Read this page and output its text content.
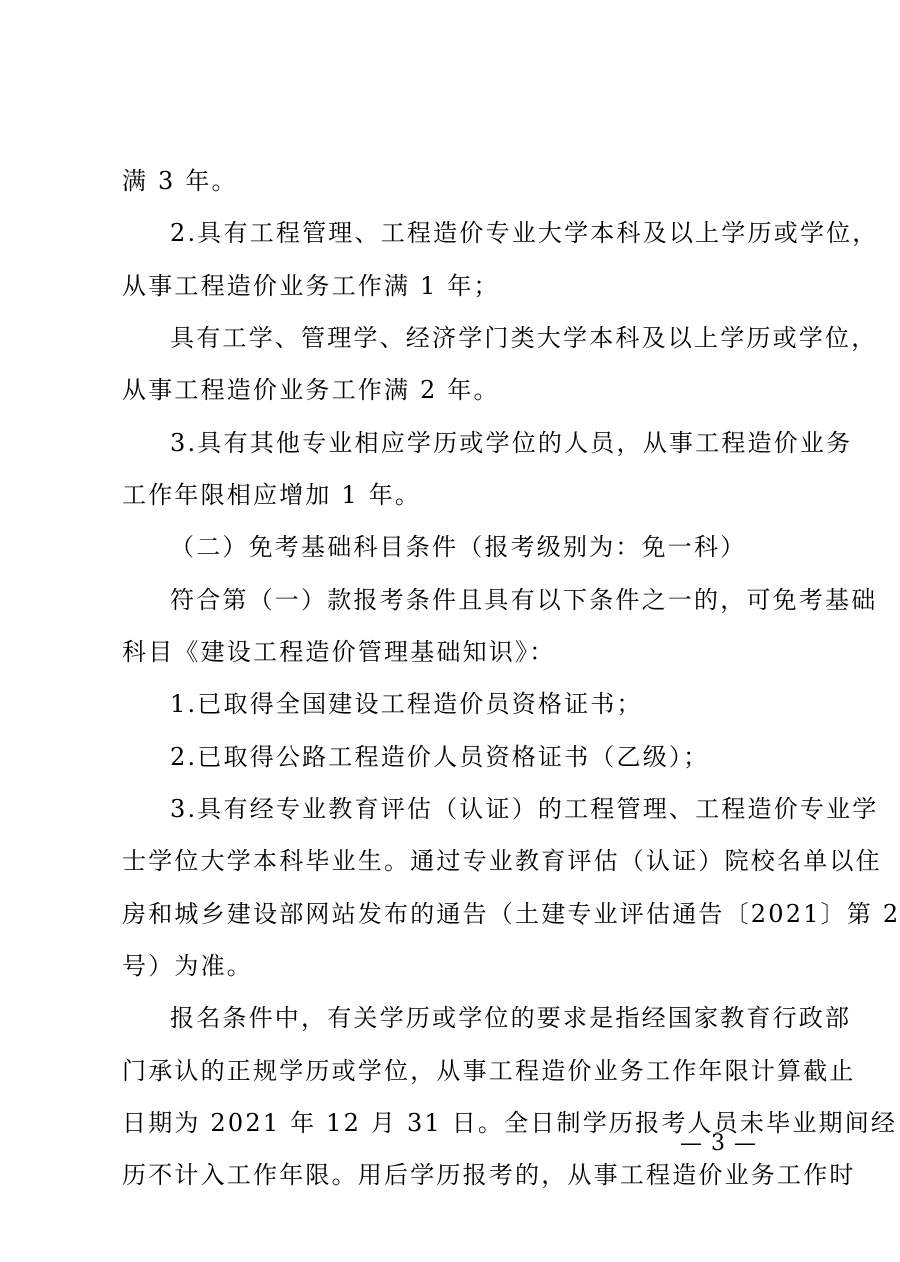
满 3 年。
2.具有工程管理、工程造价专业大学本科及以上学历或学位，
从事工程造价业务工作满 1 年；
具有工学、管理学、经济学门类大学本科及以上学历或学位，
从事工程造价业务工作满 2 年。
3.具有其他专业相应学历或学位的人员，从事工程造价业务
工作年限相应增加 1 年。
（二）免考基础科目条件（报考级别为：免一科）
符合第（一）款报考条件且具有以下条件之一的，可免考基础
科目《建设工程造价管理基础知识》：
1.已取得全国建设工程造价员资格证书；
2.已取得公路工程造价人员资格证书（乙级）；
3.具有经专业教育评估（认证）的工程管理、工程造价专业学
士学位大学本科毕业生。通过专业教育评估（认证）院校名单以住
房和城乡建设部网站发布的通告（土建专业评估通告〔2021〕第 2
号）为准。
报名条件中，有关学历或学位的要求是指经国家教育行政部
门承认的正规学历或学位，从事工程造价业务工作年限计算截止
日期为 2021 年 12 月 31 日。全日制学历报考人员未毕业期间经
历不计入工作年限。用后学历报考的，从事工程造价业务工作时
— 3 —
